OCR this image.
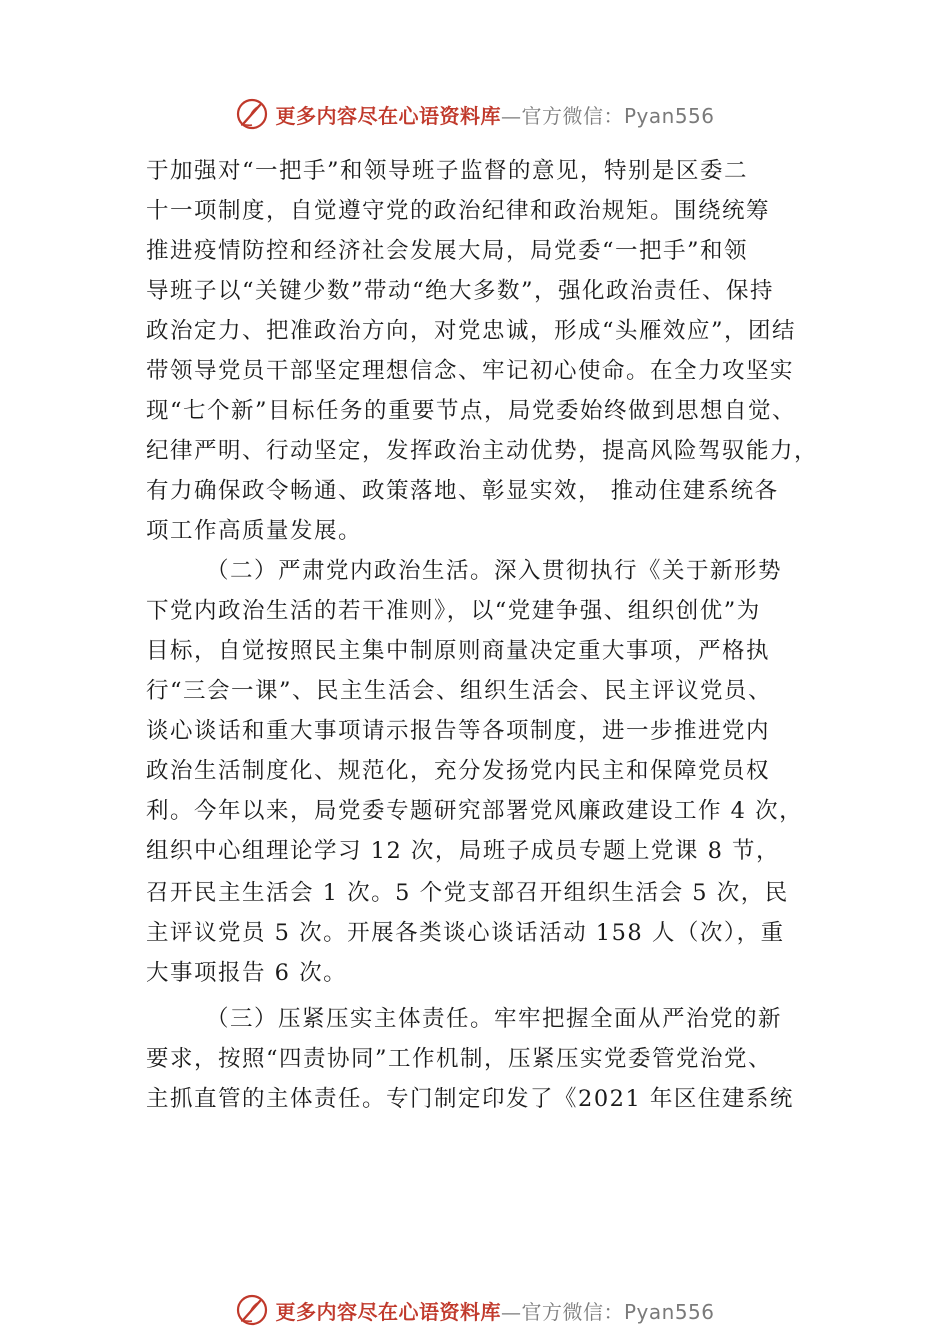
更多内容尽在心语资料库—官方微信：Pyan556
于加强对“一把手”和领导班子监督的意见，特别是区委二
十一项制度，自觉遵守党的政治纪律和政治规矩。围绕统筹
推进疫情防控和经济社会发展大局，局党委“一把手”和领
导班子以“关键少数”带动“绝大多数”，强化政治责任、保持
政治定力、把准政治方向，对党忠诚，形成“头雁效应”，团结
带领导党员干部坚定理想信念、牢记初心使命。在全力攻坚实
现“七个新”目标任务的重要节点，局党委始终做到思想自觉、
纪律严明、行动坚定，发挥政治主动优势，提高风险驾驭能力，
有力确保政令畅通、政策落地、彰显实效， 推动住建系统各
项工作高质量发展。
（二）严肃党内政治生活。深入贯彻执行《关于新形势
下党内政治生活的若干准则》，以“党建争强、组织创优”为
目标，自觉按照民主集中制原则商量决定重大事项，严格执
行“三会一课”、民主生活会、组织生活会、民主评议党员、
谈心谈话和重大事项请示报告等各项制度，进一步推进党内
政治生活制度化、规范化，充分发扬党内民主和保障党员权
利。今年以来，局党委专题研究部署党风廉政建设工作 4 次，
组织中心组理论学习 12 次，局班子成员专题上党课 8 节，
召开民主生活会 1 次。5 个党支部召开组织生活会 5 次，民
主评议党员 5 次。开展各类谈心谈话活动 158 人（次），重
大事项报告 6 次。
（三）压紧压实主体责任。牢牢把握全面从严治党的新
要求，按照“四责协同”工作机制，压紧压实党委管党治党、
主抓直管的主体责任。专门制定印发了《2021 年区住建系统
更多内容尽在心语资料库—官方微信：Pyan556
